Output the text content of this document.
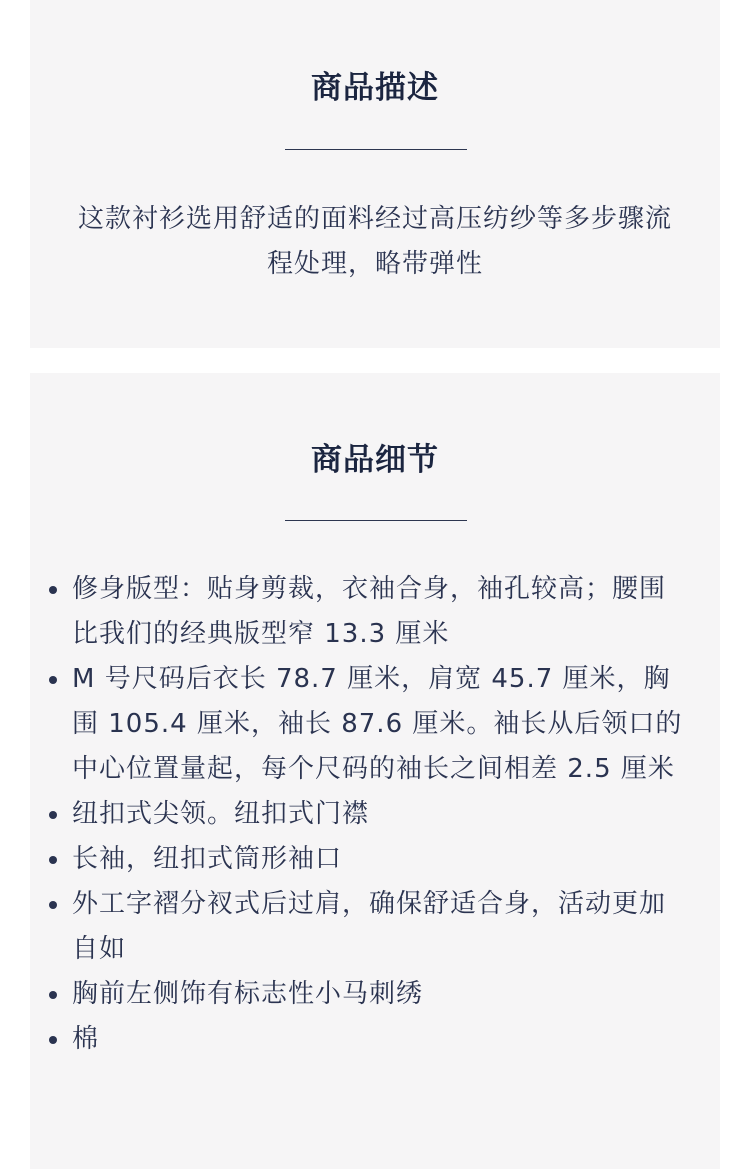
商品描述

这款衬衫选用舒适的面料经过高压纺纱等多步骤流程处理，略带弹性

商品细节
修身版型：贴身剪裁，衣袖合身，袖孔较高；腰围比我们的经典版型窄 13.3 厘米
M 号尺码后衣长 78.7 厘米，肩宽 45.7 厘米，胸围 105.4 厘米，袖长 87.6 厘米。袖长从后领口的中心位置量起，每个尺码的袖长之间相差 2.5 厘米
纽扣式尖领。纽扣式门襟
长袖，纽扣式筒形袖口
外工字褶分衩式后过肩，确保舒适合身，活动更加自如
胸前左侧饰有标志性小马刺绣
棉
